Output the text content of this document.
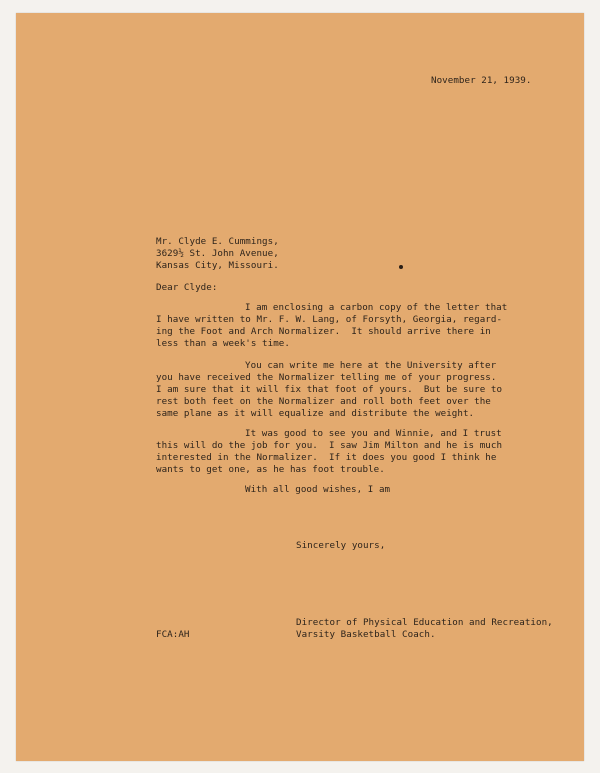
November 21, 1939.

Mr. Clyde E. Cummings,

3629½ St. John Avenue,

Kansas City, Missouri.

Dear Clyde:

I am enclosing a carbon copy of the letter that

I have written to Mr. F. W. Lang, of Forsyth, Georgia, regard-

ing the Foot and Arch Normalizer.  It should arrive there in

less than a week's time.

You can write me here at the University after

you have received the Normalizer telling me of your progress.

I am sure that it will fix that foot of yours.  But be sure to

rest both feet on the Normalizer and roll both feet over the

same plane as it will equalize and distribute the weight.

It was good to see you and Winnie, and I trust

this will do the job for you.  I saw Jim Milton and he is much

interested in the Normalizer.  If it does you good I think he

wants to get one, as he has foot trouble.

With all good wishes, I am

Sincerely yours,

Director of Physical Education and Recreation,

Varsity Basketball Coach.

FCA:AH
